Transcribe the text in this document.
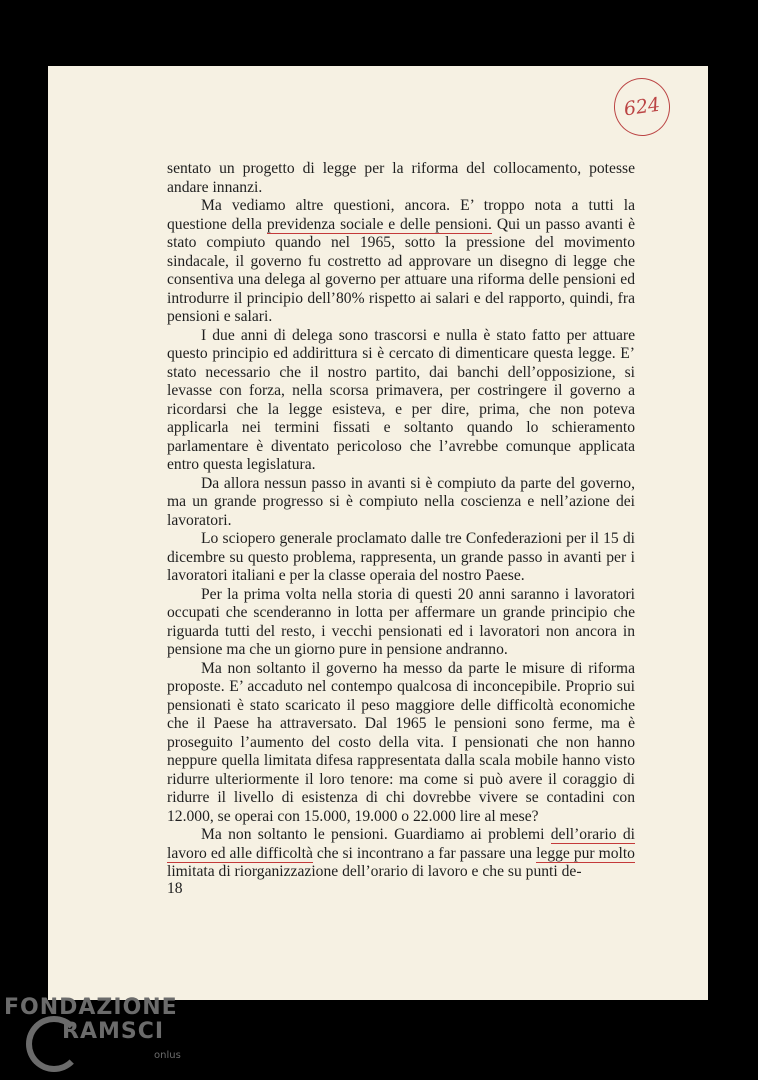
624

sentato un progetto di legge per la riforma del collocamento, potesse andare innanzi.

Ma vediamo altre questioni, ancora. E’ troppo nota a tutti la questione della previdenza sociale e delle pensioni. Qui un passo avanti è stato compiuto quando nel 1965, sotto la pressione del movimento sindacale, il governo fu costretto ad approvare un disegno di legge che consentiva una delega al governo per attuare una riforma delle pensioni ed introdurre il principio dell’80% rispetto ai salari e del rapporto, quindi, fra pensioni e salari.

I due anni di delega sono trascorsi e nulla è stato fatto per attuare questo principio ed addirittura si è cercato di dimenticare questa legge. E’ stato necessario che il nostro partito, dai banchi dell’opposizione, si levasse con forza, nella scorsa primavera, per costringere il governo a ricordarsi che la legge esisteva, e per dire, prima, che non poteva applicarla nei termini fissati e soltanto quando lo schieramento parlamentare è diventato pericoloso che l’avrebbe comunque applicata entro questa legislatura.

Da allora nessun passo in avanti si è compiuto da parte del governo, ma un grande progresso si è compiuto nella coscienza e nell’azione dei lavoratori.

Lo sciopero generale proclamato dalle tre Confederazioni per il 15 di dicembre su questo problema, rappresenta, un grande passo in avanti per i lavoratori italiani e per la classe operaia del nostro Paese.

Per la prima volta nella storia di questi 20 anni saranno i lavoratori occupati che scenderanno in lotta per affermare un grande principio che riguarda tutti del resto, i vecchi pensionati ed i lavoratori non ancora in pensione ma che un giorno pure in pensione andranno.

Ma non soltanto il governo ha messo da parte le misure di riforma proposte. E’ accaduto nel contempo qualcosa di inconcepibile. Proprio sui pensionati è stato scaricato il peso maggiore delle difficoltà economiche che il Paese ha attraversato. Dal 1965 le pensioni sono ferme, ma è proseguito l’aumento del costo della vita. I pensionati che non hanno neppure quella limitata difesa rappresentata dalla scala mobile hanno visto ridurre ulteriormente il loro tenore: ma come si può avere il coraggio di ridurre il livello di esistenza di chi dovrebbe vivere se contadini con 12.000, se operai con 15.000, 19.000 o 22.000 lire al mese?

Ma non soltanto le pensioni. Guardiamo ai problemi dell’orario di lavoro ed alle difficoltà che si incontrano a far passare una legge pur molto limitata di riorganizzazione dell’orario di lavoro e che su punti de-

18
FONDAZIONE
RAMSCI
onlus
